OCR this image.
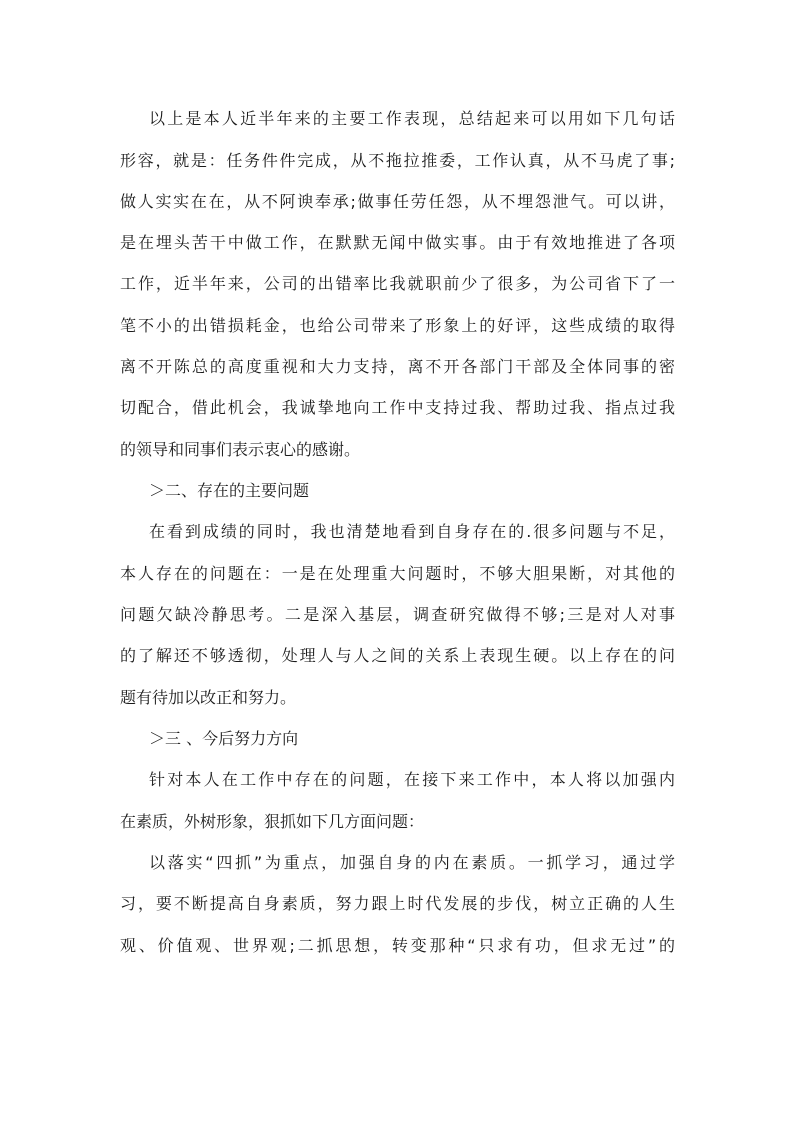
以上是本人近半年来的主要工作表现，总结起来可以用如下几句话
形容，就是：任务件件完成，从不拖拉推委，工作认真，从不马虎了事;
做人实实在在，从不阿谀奉承;做事任劳任怨，从不埋怨泄气。可以讲，
是在埋头苦干中做工作，在默默无闻中做实事。由于有效地推进了各项
工作，近半年来，公司的出错率比我就职前少了很多，为公司省下了一
笔不小的出错损耗金，也给公司带来了形象上的好评，这些成绩的取得
离不开陈总的高度重视和大力支持，离不开各部门干部及全体同事的密
切配合，借此机会，我诚挚地向工作中支持过我、帮助过我、指点过我
的领导和同事们表示衷心的感谢。
＞二、存在的主要问题
在看到成绩的同时，我也清楚地看到自身存在的.很多问题与不足，
本人存在的问题在：一是在处理重大问题时，不够大胆果断，对其他的
问题欠缺冷静思考。二是深入基层，调查研究做得不够;三是对人对事
的了解还不够透彻，处理人与人之间的关系上表现生硬。以上存在的问
题有待加以改正和努力。
＞三 、今后努力方向
针对本人在工作中存在的问题，在接下来工作中，本人将以加强内
在素质，外树形象，狠抓如下几方面问题：
以落实“四抓”为重点，加强自身的内在素质。一抓学习，通过学
习，要不断提高自身素质，努力跟上时代发展的步伐，树立正确的人生
观、价值观、世界观;二抓思想，转变那种“只求有功，但求无过”的
